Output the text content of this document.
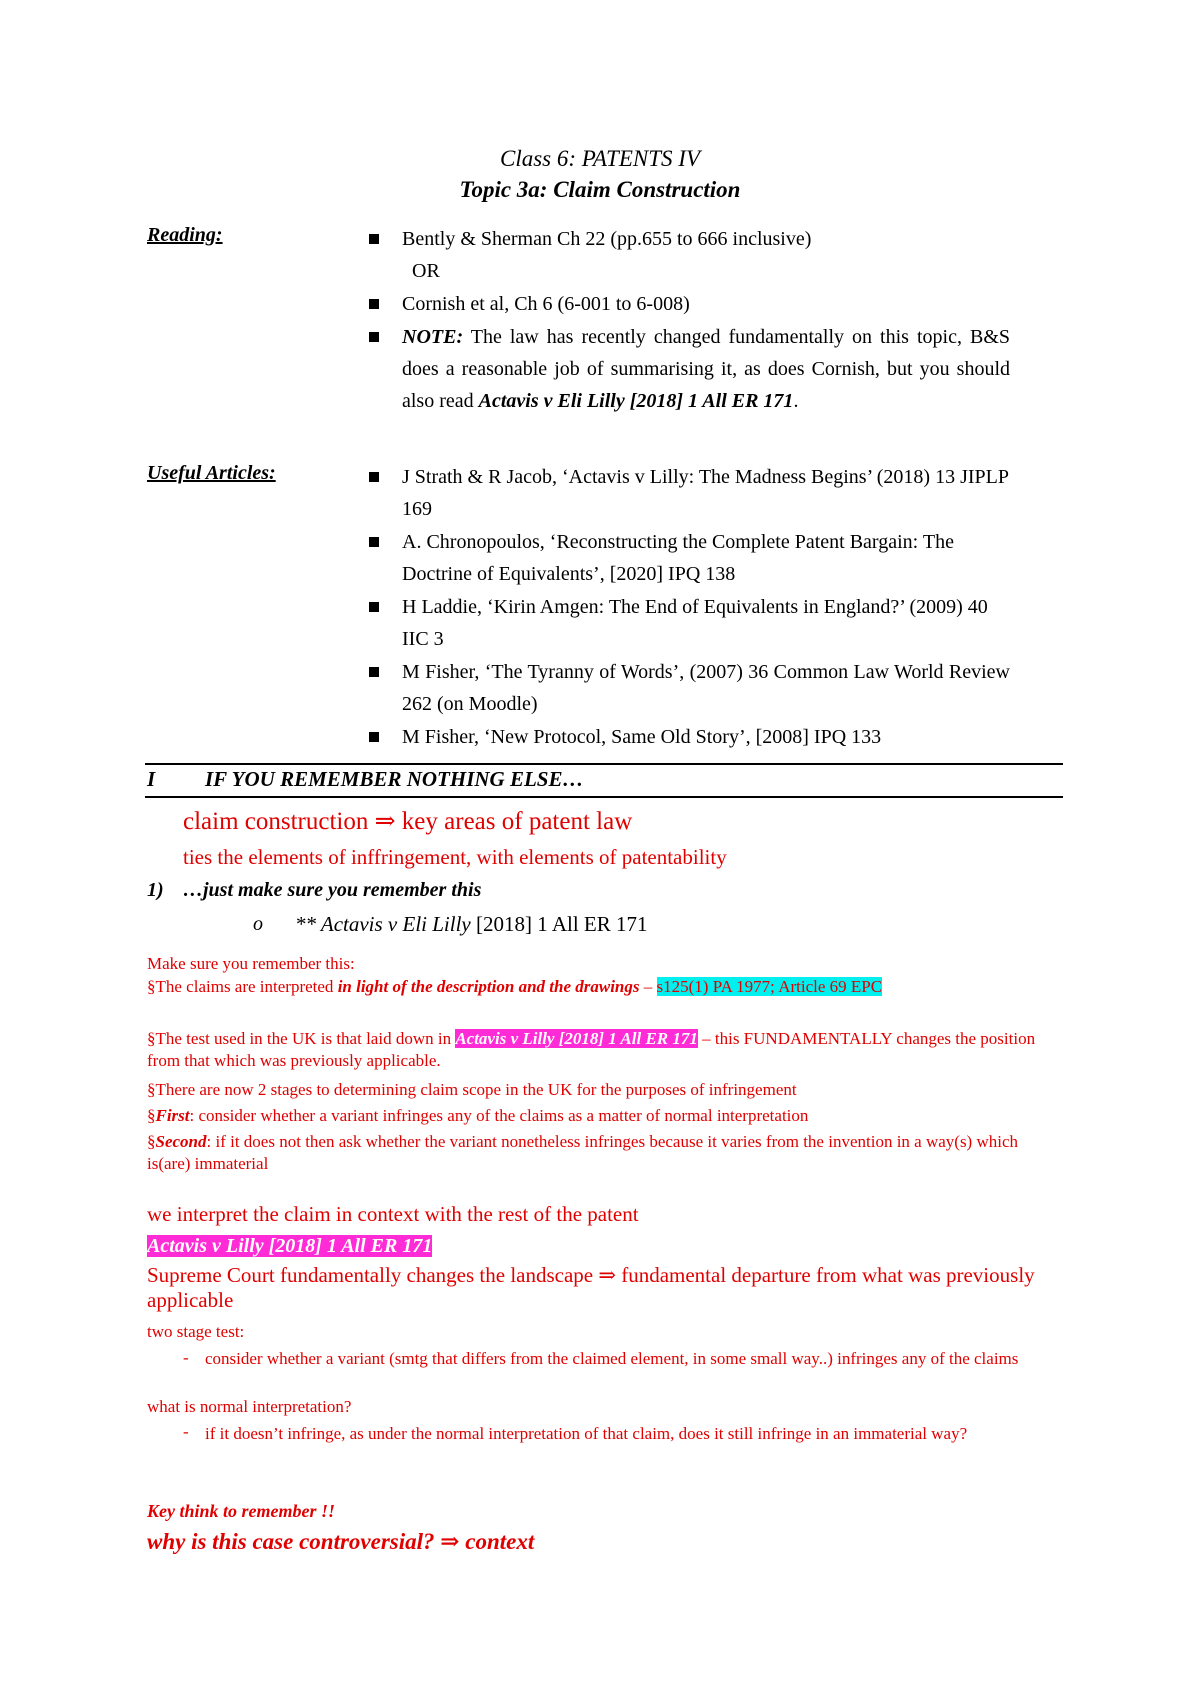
Class 6: PATENTS IV
Topic 3a: Claim Construction
Reading:	Bently & Sherman Ch 22 (pp.655 to 666 inclusive)
OR
Cornish et al, Ch 6 (6-001 to 6-008)
NOTE: The law has recently changed fundamentally on this topic, B&S does a reasonable job of summarising it, as does Cornish, but you should also read Actavis v Eli Lilly [2018] 1 All ER 171.
Useful Articles:	J Strath & R Jacob, ‘Actavis v Lilly: The Madness Begins’ (2018) 13 JIPLP 169
A. Chronopoulos, ‘Reconstructing the Complete Patent Bargain: The Doctrine of Equivalents’, [2020] IPQ 138
H Laddie, ‘Kirin Amgen: The End of Equivalents in England?’ (2009) 40 IIC 3
M Fisher, ‘The Tyranny of Words’, (2007) 36 Common Law World Review 262 (on Moodle)
M Fisher, ‘New Protocol, Same Old Story’, [2008] IPQ 133
I IF YOU REMEMBER NOTHING ELSE…
claim construction ⇒ key areas of patent law
ties the elements of inffringement, with elements of patentability
1) …just make sure you remember this
o ** Actavis v Eli Lilly [2018] 1 All ER 171
Make sure you remember this:
§The claims are interpreted in light of the description and the drawings – s125(1) PA 1977; Article 69 EPC
§The test used in the UK is that laid down in Actavis v Lilly [2018] 1 All ER 171 – this FUNDAMENTALLY changes the position from that which was previously applicable.
§There are now 2 stages to determining claim scope in the UK for the purposes of infringement
§First: consider whether a variant infringes any of the claims as a matter of normal interpretation
§Second: if it does not then ask whether the variant nonetheless infringes because it varies from the invention in a way(s) which is(are) immaterial
we interpret the claim in context with the rest of the patent
Actavis v Lilly [2018] 1 All ER 171
Supreme Court fundamentally changes the landscape ⇒ fundamental departure from what was previously applicable
two stage test:
- consider whether a variant (smtg that differs from the claimed element, in some small way..) infringes any of the claims
what is normal interpretation?
- if it doesn’t infringe, as under the normal interpretation of that claim, does it still infringe in an immaterial way?
Key think to remember !!
why is this case controversial? ⇒ context
